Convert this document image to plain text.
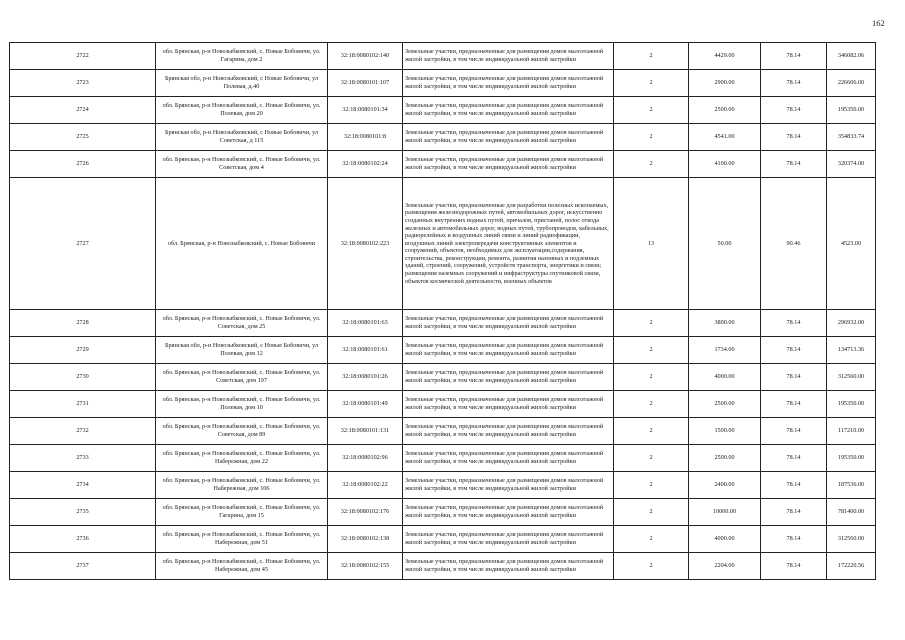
162
2722	обл. Брянская, р-н Новозыбковский, с. Новые Бобовичи, ул. Гагарина, дом 2	32:18:0080102:140	Земельные участки, предназначенные для размещения домов малоэтажной жилой застройки, в том числе индивидуальной жилой застройки	2	4429.00	78.14	346082.06
2723	Брянская обл, р-н Новозыбковский, с Новые Бобовичи, ул Полевая, д.40	32:18:0080101:107	Земельные участки, предназначенные для размещения домов малоэтажной жилой застройки, в том числе индивидуальной жилой застройки	2	2900.00	78.14	226606.00
2724	обл. Брянская, р-н Новозыбковский, с. Новые Бобовичи, ул. Полевая, дом 20	32:18:0080101:34	Земельные участки, предназначенные для размещения домов малоэтажной жилой застройки, в том числе индивидуальной жилой застройки	2	2500.00	78.14	195350.00
2725	Брянская обл, р-н Новозыбковский, с Новые Бобовичи, ул Советская, д 115	32:18:0080101:8	Земельные участки, предназначенные для размещения домов малоэтажной жилой застройки, в том числе индивидуальной жилой застройки	2	4541.00	78.14	354833.74
2726	обл. Брянская, р-н Новозыбковский, с. Новые Бобовичи, ул. Советская, дом 4	32:18:0080102:24	Земельные участки, предназначенные для размещения домов малоэтажной жилой застройки, в том числе индивидуальной жилой застройки	2	4100.00	78.14	320374.00
2727	обл. Брянская, р-н Новозыбковский, с. Новые Бобовичи	32:18:0080102:223	Земельные участки, предназначенные для разработки полезных ископаемых, размещения железнодорожных путей, автомобильных дорог, искусственно созданных внутренних водных путей, причалов, пристаней, полос отвода железных и автомобильных дорог, водных путей, трубопроводов, кабельных, радиорелейных и воздушных линий связи и линий радиофикации, воздушных линий электропередачи конструктивных элементов и сооружений, объектов, необходимых для эксплуатации,содержания, строительства, реконструкции, ремонта, развития наземных и подземных зданий, строений, сооружений, устройств транспорта, энергетики и связи; размещения наземных сооружений и инфраструктуры спутниковой связи, объектов космической деятельности, военных объектов	13	50.00	90.46	4523.00
2728	обл. Брянская, р-н Новозыбковский, с. Новые Бобовичи, ул. Советская, дом 25	32:18:0080101:63	Земельные участки, предназначенные для размещения домов малоэтажной жилой застройки, в том числе индивидуальной жилой застройки	2	3800.00	78.14	296932.00
2729	Брянская обл, р-н Новозыбковский, с Новые Бобовичи, ул Полевая, дом 12	32:18:0080101:61	Земельные участки, предназначенные для размещения домов малоэтажной жилой застройки, в том числе индивидуальной жилой застройки	2	1734.00	78.14	134713.36
2730	обл. Брянская, р-н Новозыбковский, с. Новые Бобовичи, ул. Советская, дом 197	32:18:0080101:26	Земельные участки, предназначенные для размещения домов малоэтажной жилой застройки, в том числе индивидуальной жилой застройки	2	4000.00	78.14	312560.00
2731	обл. Брянская, р-н Новозыбковский, с. Новые Бобовичи, ул. Полевая, дом 10	32:18:0080101:49	Земельные участки, предназначенные для размещения домов малоэтажной жилой застройки, в том числе индивидуальной жилой застройки	2	2500.00	78.14	195350.00
2732	обл. Брянская, р-н Новозыбковский, с. Новые Бобовичи, ул. Советская, дом 89	32:18:0080101:131	Земельные участки, предназначенные для размещения домов малоэтажной жилой застройки, в том числе индивидуальной жилой застройки	2	1500.00	78.14	117210.00
2733	обл. Брянская, р-н Новозыбковский, с. Новые Бобовичи, ул. Набережная, дом 22	32:18:0080102:96	Земельные участки, предназначенные для размещения домов малоэтажной жилой застройки, в том числе индивидуальной жилой застройки	2	2500.00	78.14	195350.00
2734	обл. Брянская, р-н Новозыбковский, с. Новые Бобовичи, ул. Набережная, дом 106	32:18:0080102:22	Земельные участки, предназначенные для размещения домов малоэтажной жилой застройки, в том числе индивидуальной жилой застройки	2	2400.00	78.14	187536.00
2735	обл. Брянская, р-н Новозыбковский, с. Новые Бобовичи, ул. Гагарина, дом 15	32:18:0080102:176	Земельные участки, предназначенные для размещения домов малоэтажной жилой застройки, в том числе индивидуальной жилой застройки	2	10000.00	78.14	781400.00
2736	обл. Брянская, р-н Новозыбковский, с. Новые Бобовичи, ул. Набережная, дом 51	32:18:0080102:138	Земельные участки, предназначенные для размещения домов малоэтажной жилой застройки, в том числе индивидуальной жилой застройки	2	4000.00	78.14	312560.00
2737	обл. Брянская, р-н Новозыбковский, с. Новые Бобовичи, ул. Набережная, дом 45	32:18:0080102:155	Земельные участки, предназначенные для размещения домов малоэтажной жилой застройки, в том числе индивидуальной жилой застройки	2	2204.00	78.14	172220.56
